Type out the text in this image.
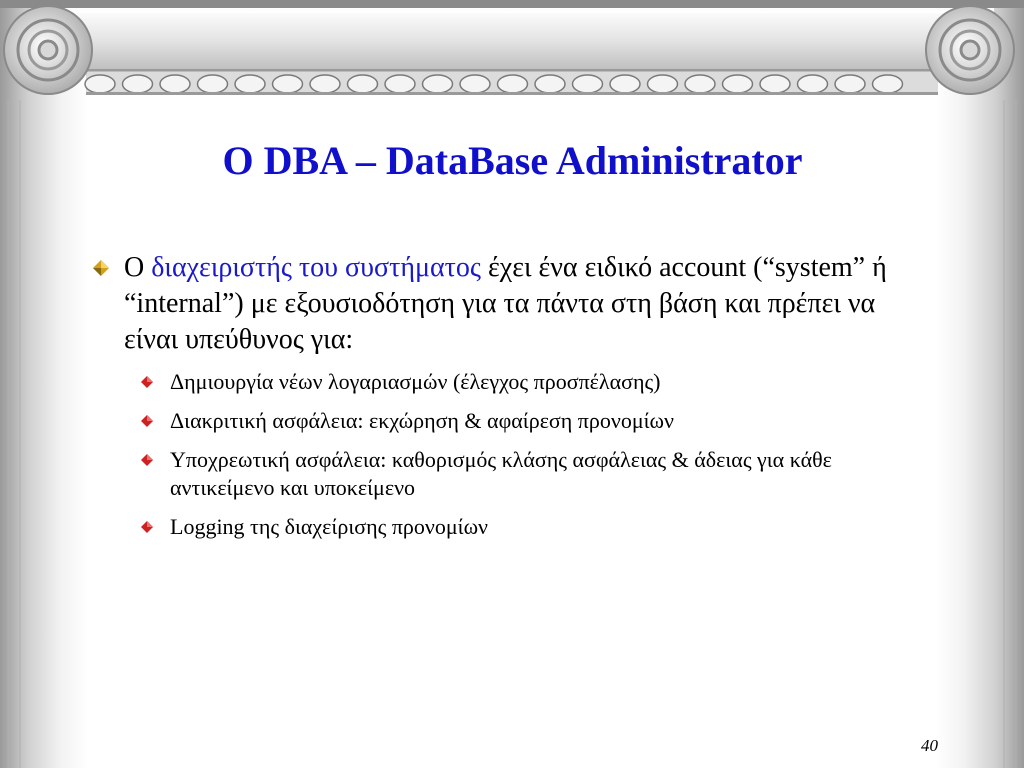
Ο DBA – DataBase Administrator
Ο διαχειριστής του συστήματος έχει ένα ειδικό account (“system” ή “internal”) με εξουσιοδότηση για τα πάντα στη βάση και πρέπει να είναι υπεύθυνος για:
Δημιουργία νέων λογαριασμών (έλεγχος προσπέλασης)
Διακριτική ασφάλεια: εκχώρηση & αφαίρεση προνομίων
Υποχρεωτική ασφάλεια: καθορισμός κλάσης ασφάλειας & άδειας για κάθε αντικείμενο και υποκείμενο
Logging της διαχείρισης προνομίων
40
